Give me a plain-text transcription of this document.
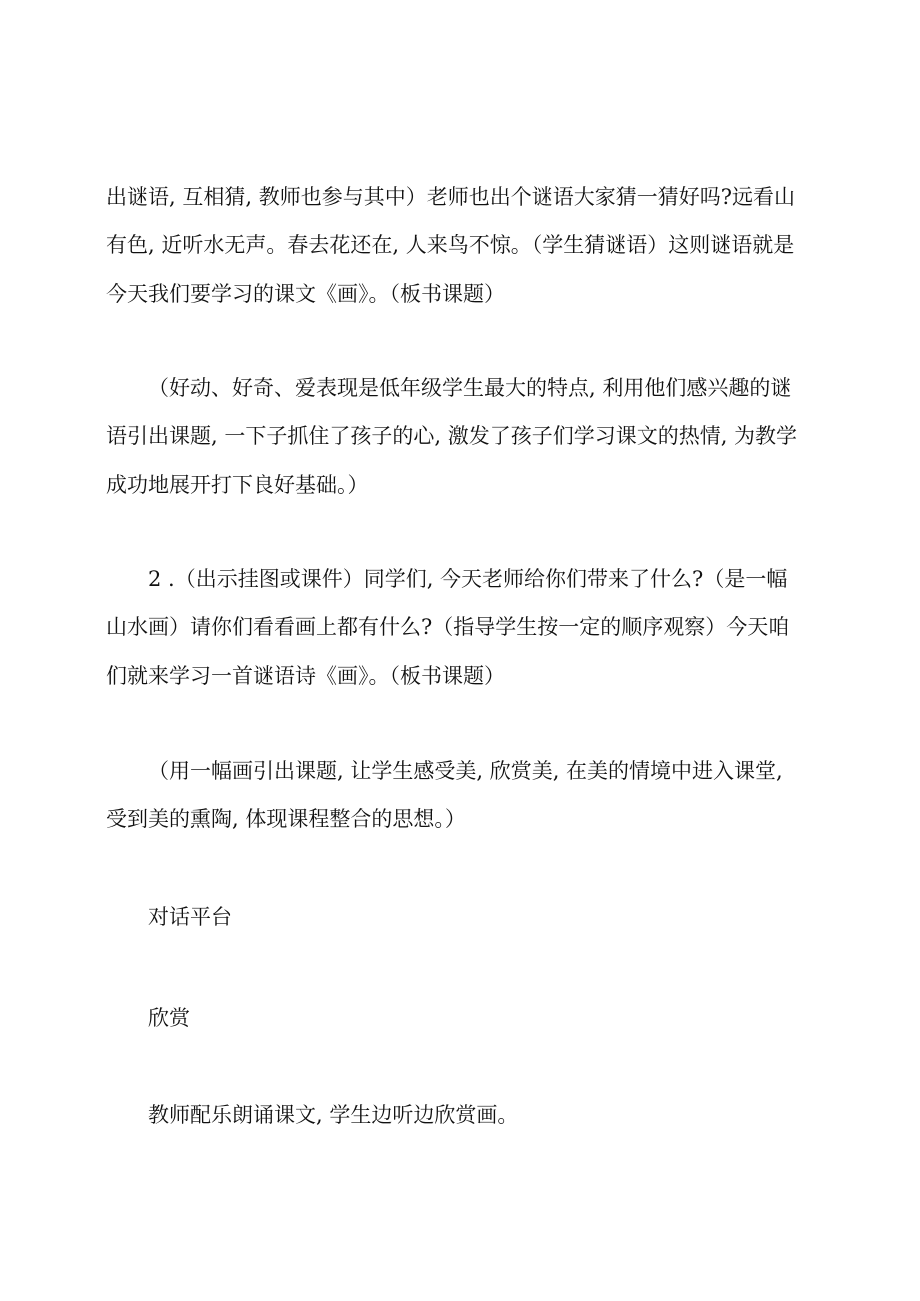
出谜语, 互相猜, 教师也参与其中）老师也出个谜语大家猜一猜好吗?远看山

有色, 近听水无声。春去花还在, 人来鸟不惊。（学生猜谜语）这则谜语就是

今天我们要学习的课文《画》。（板书课题）

（好动、好奇、爱表现是低年级学生最大的特点, 利用他们感兴趣的谜

语引出课题, 一下子抓住了孩子的心, 激发了孩子们学习课文的热情, 为教学

成功地展开打下良好基础。）

2 .（出示挂图或课件）同学们, 今天老师给你们带来了什么?（是一幅

山水画）请你们看看画上都有什么?（指导学生按一定的顺序观察）今天咱

们就来学习一首谜语诗《画》。（板书课题）

（用一幅画引出课题, 让学生感受美, 欣赏美, 在美的情境中进入课堂,

受到美的熏陶, 体现课程整合的思想。）

对话平台

欣赏

教师配乐朗诵课文, 学生边听边欣赏画。
